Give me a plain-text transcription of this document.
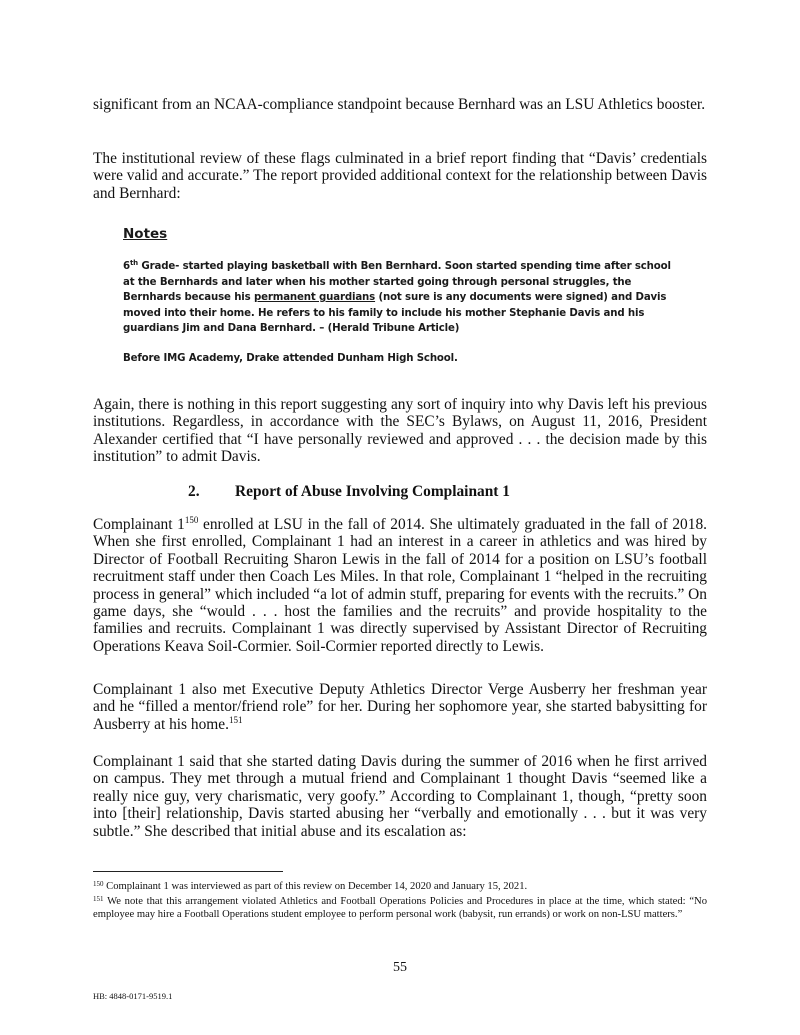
significant from an NCAA-compliance standpoint because Bernhard was an LSU Athletics booster.

The institutional review of these flags culminated in a brief report finding that “Davis’ credentials were valid and accurate.” The report provided additional context for the relationship between Davis and Bernhard:

Notes

6th Grade- started playing basketball with Ben Bernhard. Soon started spending time after school at the Bernhards and later when his mother started going through personal struggles, the Bernhards because his permanent guardians (not sure is any documents were signed) and Davis moved into their home. He refers to his family to include his mother Stephanie Davis and his guardians Jim and Dana Bernhard. – (Herald Tribune Article)

Before IMG Academy, Drake attended Dunham High School.

Again, there is nothing in this report suggesting any sort of inquiry into why Davis left his previous institutions. Regardless, in accordance with the SEC’s Bylaws, on August 11, 2016, President Alexander certified that “I have personally reviewed and approved . . . the decision made by this institution” to admit Davis.

2. Report of Abuse Involving Complainant 1

Complainant $1^{150}$ enrolled at LSU in the fall of 2014. She ultimately graduated in the fall of 2018. When she first enrolled, Complainant 1 had an interest in a career in athletics and was hired by Director of Football Recruiting Sharon Lewis in the fall of 2014 for a position on LSU’s football recruitment staff under then Coach Les Miles. In that role, Complainant 1 “helped in the recruiting process in general” which included “a lot of admin stuff, preparing for events with the recruits.” On game days, she “would . . . host the families and the recruits” and provide hospitality to the families and recruits. Complainant 1 was directly supervised by Assistant Director of Recruiting Operations Keava Soil-Cormier. Soil-Cormier reported directly to Lewis.

Complainant 1 also met Executive Deputy Athletics Director Verge Ausberry her freshman year and he “filled a mentor/friend role” for her. During her sophomore year, she started babysitting for Ausberry at his home.$^{151}$

Complainant 1 said that she started dating Davis during the summer of 2016 when he first arrived on campus. They met through a mutual friend and Complainant 1 thought Davis “seemed like a really nice guy, very charismatic, very goofy.” According to Complainant 1, though, “pretty soon into [their] relationship, Davis started abusing her “verbally and emotionally . . . but it was very subtle.” She described that initial abuse and its escalation as:

$^{150}$ Complainant 1 was interviewed as part of this review on December 14, 2020 and January 15, 2021.

$^{151}$ We note that this arrangement violated Athletics and Football Operations Policies and Procedures in place at the time, which stated: “No employee may hire a Football Operations student employee to perform personal work (babysit, run errands) or work on non-LSU matters.”

55

HB: 4848-0171-9519.1
